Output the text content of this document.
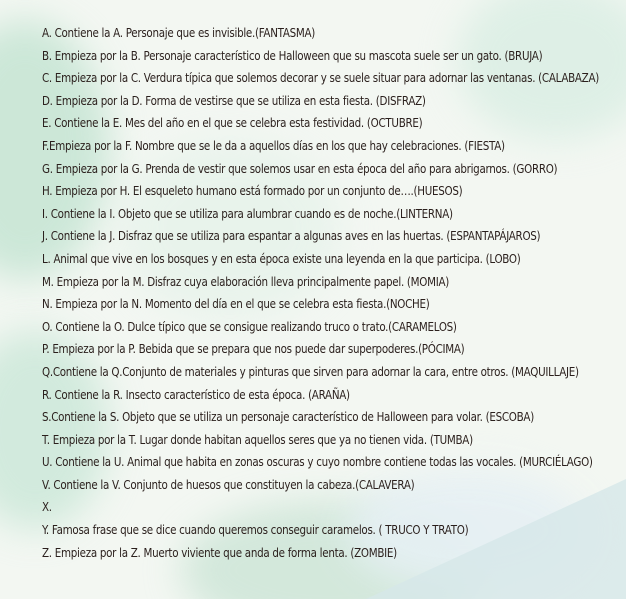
A. Contiene la A. Personaje que es invisible.(FANTASMA)

B. Empieza por la B. Personaje característico de Halloween que su mascota suele ser un gato. (BRUJA)

C. Empieza por la C. Verdura típica que solemos decorar y se suele situar para adornar las ventanas. (CALABAZA)

D. Empieza por la D. Forma de vestirse que se utiliza en esta fiesta. (DISFRAZ)

E. Contiene la E. Mes del año en el que se celebra esta festividad. (OCTUBRE)

F.Empieza por la F. Nombre que se le da a aquellos días en los que hay celebraciones. (FIESTA)

G. Empieza por la G. Prenda de vestir que solemos usar en esta época del año para abrigarnos. (GORRO)

H. Empieza por H. El esqueleto humano está formado por un conjunto de….(HUESOS)

I. Contiene la I. Objeto que se utiliza para alumbrar cuando es de noche.(LINTERNA)

J. Contiene la J. Disfraz que se utiliza para espantar a algunas aves en las huertas. (ESPANTAPÁJAROS)

L. Animal que vive en los bosques y en esta época existe una leyenda en la que participa. (LOBO)

M. Empieza por la M. Disfraz cuya elaboración lleva principalmente papel. (MOMIA)

N. Empieza por la N. Momento del día en el que se celebra esta fiesta.(NOCHE)

O. Contiene la O. Dulce típico que se consigue realizando truco o trato.(CARAMELOS)

P. Empieza por la P. Bebida que se prepara que nos puede dar superpoderes.(PÓCIMA)

Q.Contiene la Q.Conjunto de materiales y pinturas que sirven para adornar la cara, entre otros. (MAQUILLAJE)

R. Contiene la R. Insecto característico de esta época. (ARAÑA)

S.Contiene la S. Objeto que se utiliza un personaje característico de Halloween para volar. (ESCOBA)

T. Empieza por la T. Lugar donde habitan aquellos seres que ya no tienen vida. (TUMBA)

U. Contiene la U. Animal que habita en zonas oscuras y cuyo nombre contiene todas las vocales. (MURCIÉLAGO)

V. Contiene la V. Conjunto de huesos que constituyen la cabeza.(CALAVERA)

X.

Y. Famosa frase que se dice cuando queremos conseguir caramelos. ( TRUCO Y TRATO)

Z. Empieza por la Z. Muerto viviente que anda de forma lenta. (ZOMBIE)
